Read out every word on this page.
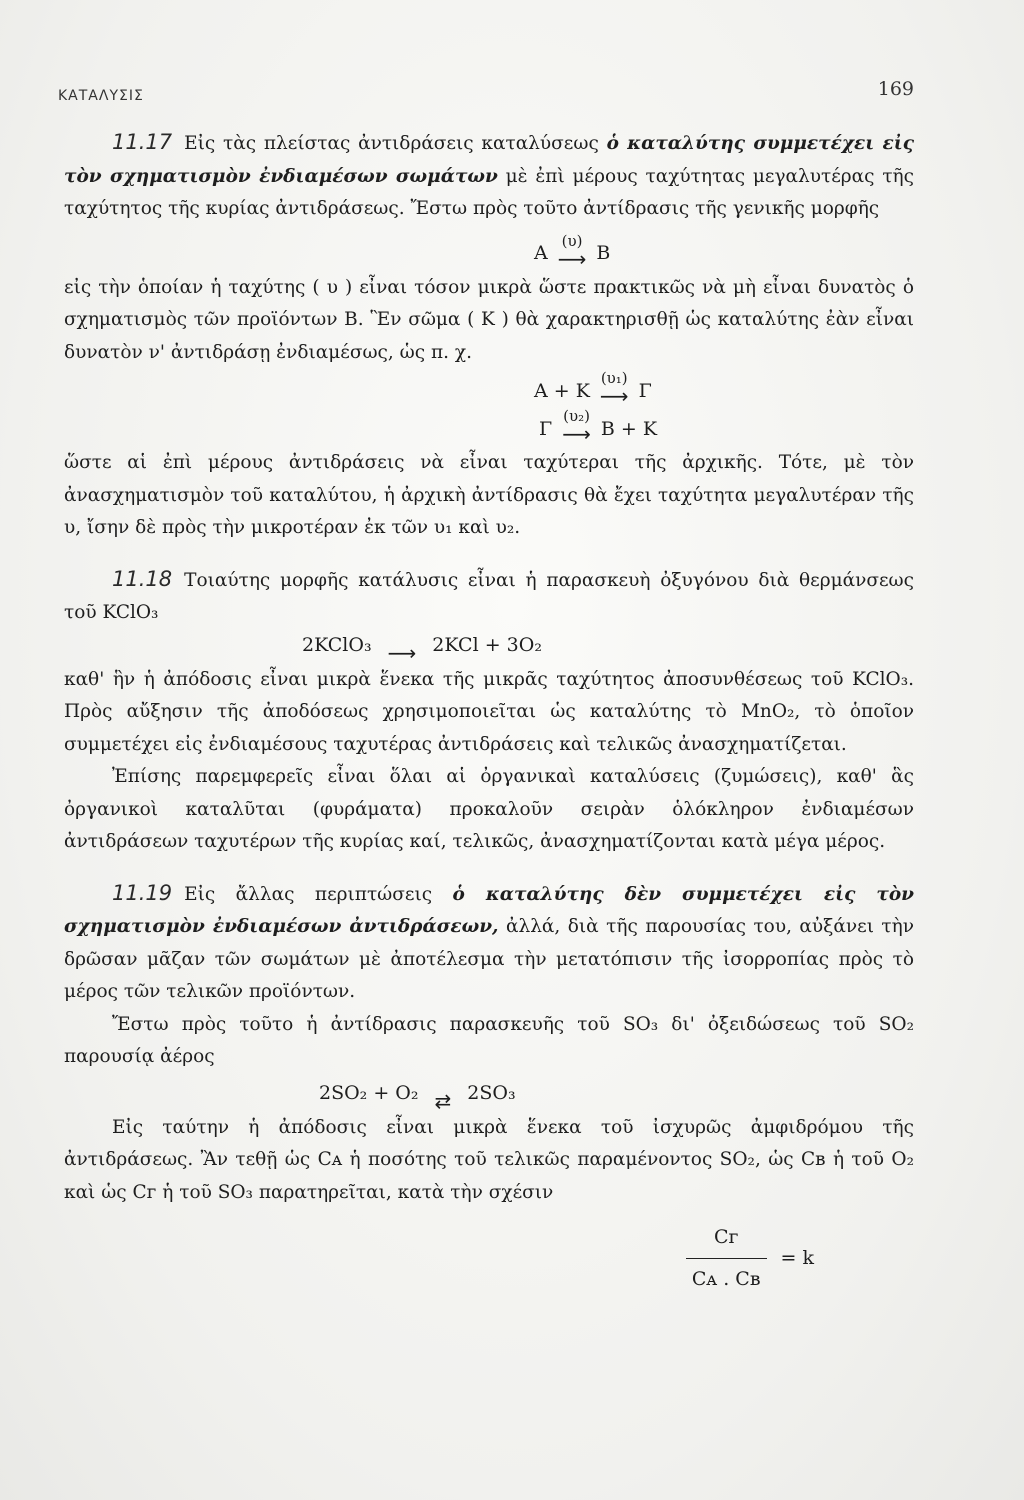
ΚΑΤΑΛΥΣΙΣ	169

11.17 Εἰς τὰς πλείστας ἀντιδράσεις καταλύσεως ὁ καταλύτης συμμετέχει εἰς τὸν σχηματισμὸν ἐνδιαμέσων σωμάτων μὲ ἐπὶ μέρους ταχύτητας μεγαλυτέρας τῆς ταχύτητος τῆς κυρίας ἀντιδράσεως. Ἔστω πρὸς τοῦτο ἀντίδρασις τῆς γενικῆς μορφῆς

A
(υ)
⟶ B

εἰς τὴν ὁποίαν ἡ ταχύτης ( υ ) εἶναι τόσον μικρὰ ὥστε πρακτικῶς νὰ μὴ εἶναι δυνατὸς ὁ σχηματισμὸς τῶν προϊόντων B. Ἓν σῶμα ( K ) θὰ χαρακτηρισθῇ ὡς καταλύτης ἐὰν εἶναι δυνατὸν ν' ἀντιδράσῃ ἐνδιαμέσως, ὡς π. χ.

A + K
(υ₁)
⟶ Γ
Γ
(υ₂)
⟶ B + K

ὥστε αἱ ἐπὶ μέρους ἀντιδράσεις νὰ εἶναι ταχύτεραι τῆς ἀρχικῆς. Τότε, μὲ τὸν ἀνασχηματισμὸν τοῦ καταλύτου, ἡ ἀρχικὴ ἀντίδρασις θὰ ἔχει ταχύτητα μεγαλυτέραν τῆς υ, ἴσην δὲ πρὸς τὴν μικροτέραν ἐκ τῶν υ₁ καὶ υ₂.

11.18 Τοιαύτης μορφῆς κατάλυσις εἶναι ἡ παρασκευὴ ὀξυγόνου διὰ θερμάνσεως τοῦ KClO₃

2KClO₃ ⟶ 2KCl + 3O₂

καθ' ἣν ἡ ἀπόδοσις εἶναι μικρὰ ἕνεκα τῆς μικρᾶς ταχύτητος ἀποσυνθέσεως τοῦ KClO₃. Πρὸς αὔξησιν τῆς ἀποδόσεως χρησιμοποιεῖται ὡς καταλύτης τὸ MnO₂, τὸ ὁποῖον συμμετέχει εἰς ἐνδιαμέσους ταχυτέρας ἀντιδράσεις καὶ τελικῶς ἀνασχηματίζεται.

Ἐπίσης παρεμφερεῖς εἶναι ὅλαι αἱ ὀργανικαὶ καταλύσεις (ζυμώσεις), καθ' ἃς ὀργανικοὶ καταλῦται (φυράματα) προκαλοῦν σειρὰν ὁλόκληρον ἐνδιαμέσων ἀντιδράσεων ταχυτέρων τῆς κυρίας καί, τελικῶς, ἀνασχηματίζονται κατὰ μέγα μέρος.

11.19 Εἰς ἄλλας περιπτώσεις ὁ καταλύτης δὲν συμμετέχει εἰς τὸν σχηματισμὸν ἐνδιαμέσων ἀντιδράσεων, ἀλλά, διὰ τῆς παρουσίας του, αὐξάνει τὴν δρῶσαν μᾶζαν τῶν σωμάτων μὲ ἀποτέλεσμα τὴν μετατόπισιν τῆς ἰσορροπίας πρὸς τὸ μέρος τῶν τελικῶν προϊόντων.

Ἔστω πρὸς τοῦτο ἡ ἀντίδρασις παρασκευῆς τοῦ SO₃ δι' ὀξειδώσεως τοῦ SO₂ παρουσίᾳ ἀέρος

2SO₂ + O₂ ⇄ 2SO₃

Εἰς ταύτην ἡ ἀπόδοσις εἶναι μικρὰ ἕνεκα τοῦ ἰσχυρῶς ἀμφιδρόμου τῆς ἀντιδράσεως. Ἂν τεθῇ ὡς Cᴀ ἡ ποσότης τοῦ τελικῶς παραμένοντος SO₂, ὡς Cʙ ἡ τοῦ O₂ καὶ ὡς Cг ἡ τοῦ SO₃ παρατηρεῖται, κατὰ τὴν σχέσιν

$\frac{Cг}{\text{Cᴀ . Cʙ}} = k$
